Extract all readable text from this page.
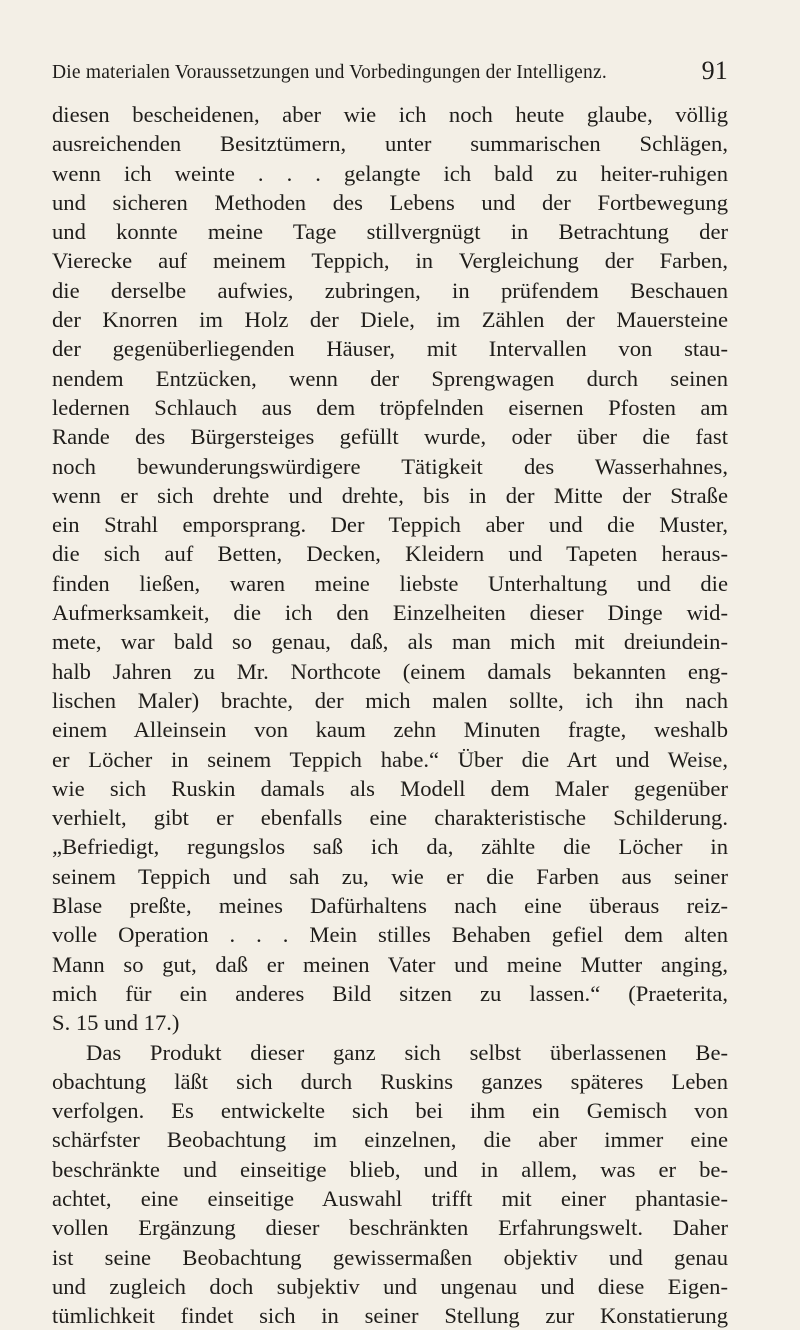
Die materialen Voraussetzungen und Vorbedingungen der Intelligenz.	91
diesen bescheidenen, aber wie ich noch heute glaube, völlig
ausreichenden Besitztümern, unter summarischen Schlägen,
wenn ich weinte . . . gelangte ich bald zu heiter-ruhigen
und sicheren Methoden des Lebens und der Fortbewegung
und konnte meine Tage stillvergnügt in Betrachtung der
Vierecke auf meinem Teppich, in Vergleichung der Farben,
die derselbe aufwies, zubringen, in prüfendem Beschauen
der Knorren im Holz der Diele, im Zählen der Mauersteine
der gegenüberliegenden Häuser, mit Intervallen von stau-
nendem Entzücken, wenn der Sprengwagen durch seinen
ledernen Schlauch aus dem tröpfelnden eisernen Pfosten am
Rande des Bürgersteiges gefüllt wurde, oder über die fast
noch bewunderungswürdigere Tätigkeit des Wasserhahnes,
wenn er sich drehte und drehte, bis in der Mitte der Straße
ein Strahl emporsprang. Der Teppich aber und die Muster,
die sich auf Betten, Decken, Kleidern und Tapeten heraus-
finden ließen, waren meine liebste Unterhaltung und die
Aufmerksamkeit, die ich den Einzelheiten dieser Dinge wid-
mete, war bald so genau, daß, als man mich mit dreiundein-
halb Jahren zu Mr. Northcote (einem damals bekannten eng-
lischen Maler) brachte, der mich malen sollte, ich ihn nach
einem Alleinsein von kaum zehn Minuten fragte, weshalb
er Löcher in seinem Teppich habe.“ Über die Art und Weise,
wie sich Ruskin damals als Modell dem Maler gegenüber
verhielt, gibt er ebenfalls eine charakteristische Schilderung.
„Befriedigt, regungslos saß ich da, zählte die Löcher in
seinem Teppich und sah zu, wie er die Farben aus seiner
Blase preßte, meines Dafürhaltens nach eine überaus reiz-
volle Operation . . . Mein stilles Behaben gefiel dem alten
Mann so gut, daß er meinen Vater und meine Mutter anging,
mich für ein anderes Bild sitzen zu lassen.“ (Praeterita,
S. 15 und 17.)
Das Produkt dieser ganz sich selbst überlassenen Be-
obachtung läßt sich durch Ruskins ganzes späteres Leben
verfolgen. Es entwickelte sich bei ihm ein Gemisch von
schärfster Beobachtung im einzelnen, die aber immer eine
beschränkte und einseitige blieb, und in allem, was er be-
achtet, eine einseitige Auswahl trifft mit einer phantasie-
vollen Ergänzung dieser beschränkten Erfahrungswelt. Daher
ist seine Beobachtung gewissermaßen objektiv und genau
und zugleich doch subjektiv und ungenau und diese Eigen-
tümlichkeit findet sich in seiner Stellung zur Konstatierung
